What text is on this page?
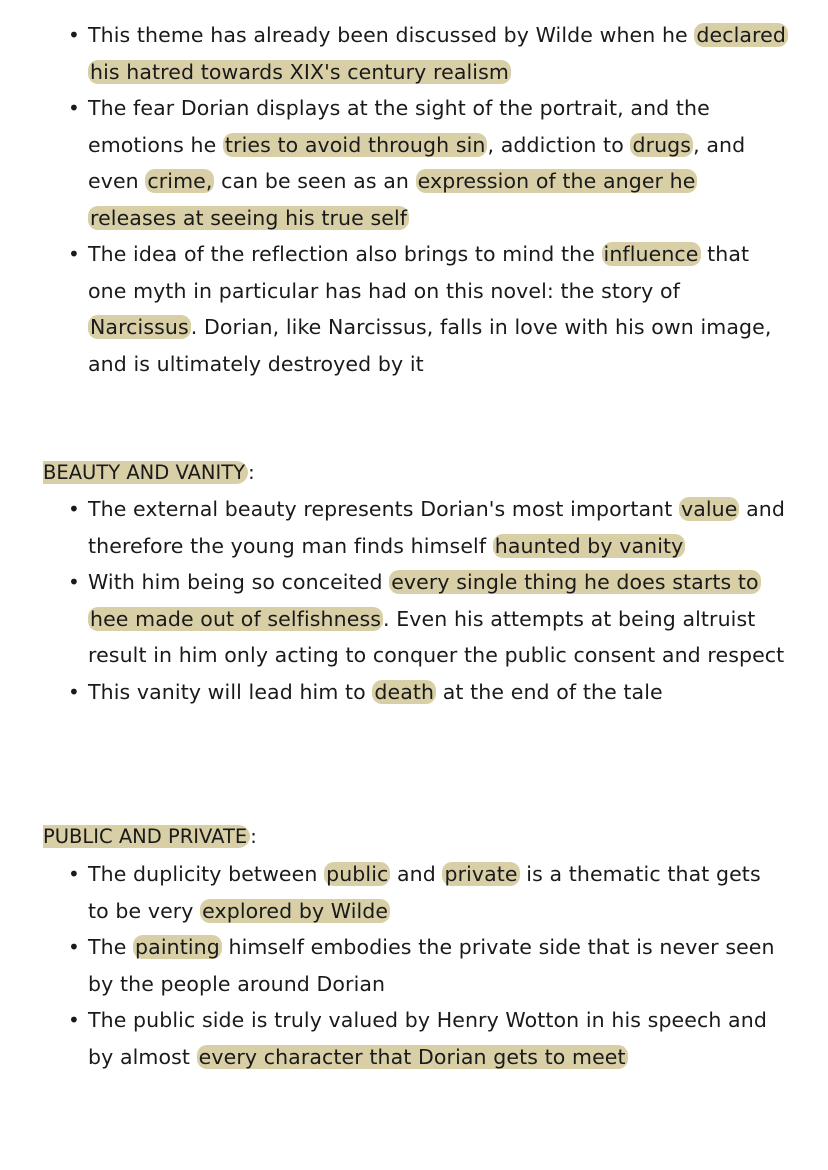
• This theme has already been discussed by Wilde when he declared his hatred towards XIX's century realism
• The fear Dorian displays at the sight of the portrait, and the emotions he tries to avoid through sin, addiction to drugs, and even crime, can be seen as an expression of the anger he releases at seeing his true self
• The idea of the reflection also brings to mind the influence that one myth in particular has had on this novel: the story of Narcissus. Dorian, like Narcissus, falls in love with his own image, and is ultimately destroyed by it
BEAUTY AND VANITY :
• The external beauty represents Dorian's most important value and therefore the young man finds himself haunted by vanity
• With him being so conceited every single thing he does starts to hee made out of selfishness. Even his attempts at being altruist result in him only acting to conquer the public consent and respect
• This vanity will lead him to death at the end of the tale
PUBLIC AND PRIVATE :
• The duplicity between public and private is a thematic that gets to be very explored by Wilde
• The painting himself embodies the private side that is never seen by the people around Dorian
• The public side is truly valued by Henry Wotton in his speech and by almost every character that Dorian gets to meet
